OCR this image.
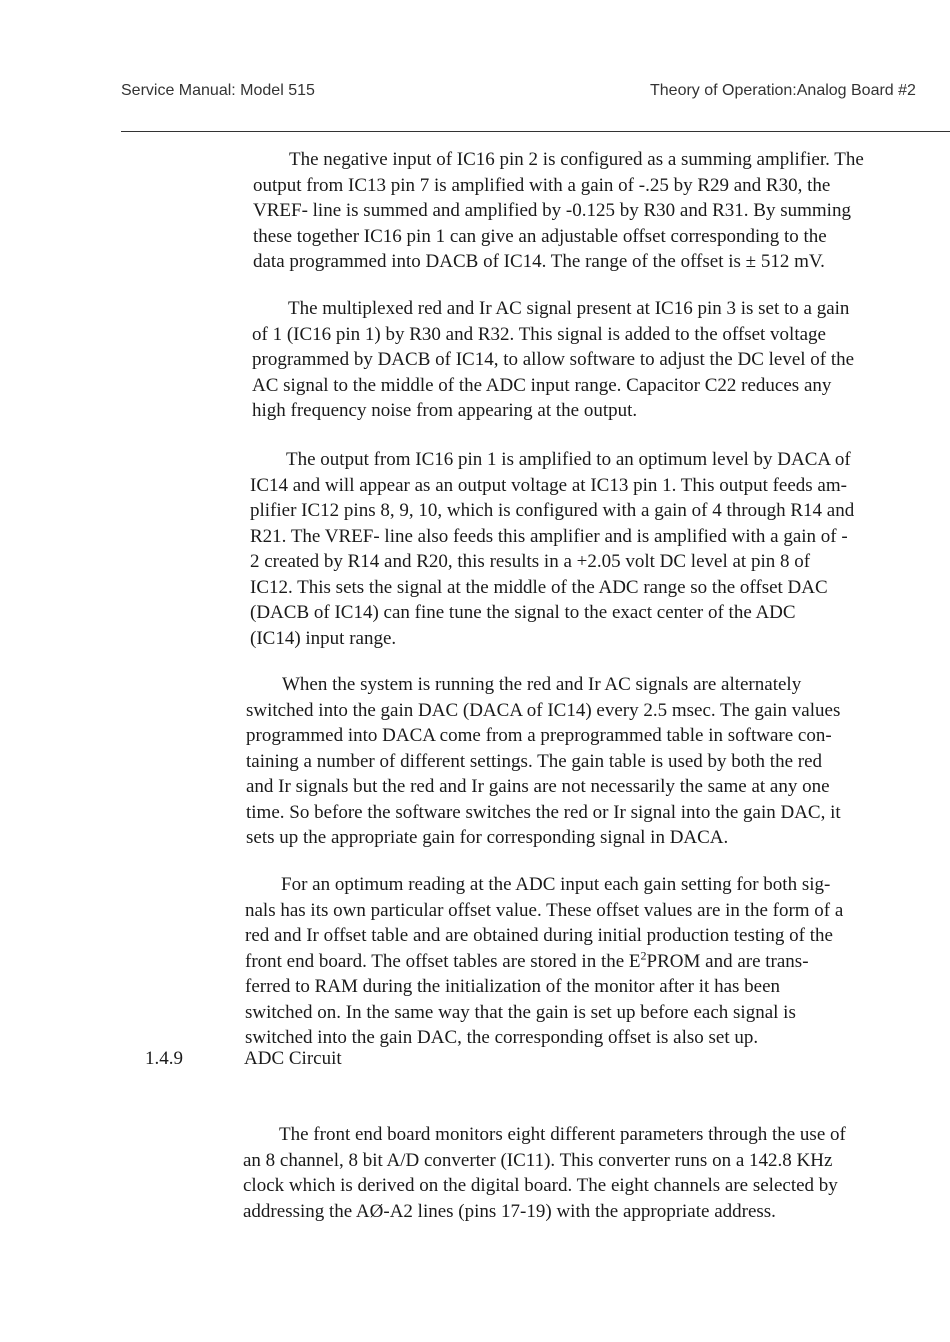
Service Manual: Model 515	Theory of Operation:Analog Board #2
The negative input of IC16 pin 2 is configured as a summing amplifier. The
output from IC13 pin 7 is amplified with a gain of -.25 by R29 and R30, the
VREF- line is summed and amplified by -0.125 by R30 and R31. By summing
these together IC16 pin 1 can give an adjustable offset corresponding to the
data programmed into DACB of IC14. The range of the offset is ± 512 mV.
The multiplexed red and Ir AC signal present at IC16 pin 3 is set to a gain
of 1 (IC16 pin 1) by R30 and R32. This signal is added to the offset voltage
programmed by DACB of IC14, to allow software to adjust the DC level of the
AC signal to the middle of the ADC input range. Capacitor C22 reduces any
high frequency noise from appearing at the output.
The output from IC16 pin 1 is amplified to an optimum level by DACA of
IC14 and will appear as an output voltage at IC13 pin 1. This output feeds am-
plifier IC12 pins 8, 9, 10, which is configured with a gain of 4 through R14 and
R21. The VREF- line also feeds this amplifier and is amplified with a gain of -
2 created by R14 and R20, this results in a +2.05 volt DC level at pin 8 of
IC12. This sets the signal at the middle of the ADC range so the offset DAC
(DACB of IC14) can fine tune the signal to the exact center of the ADC
(IC14) input range.
When the system is running the red and Ir AC signals are alternately
switched into the gain DAC (DACA of IC14) every 2.5 msec. The gain values
programmed into DACA come from a preprogrammed table in software con-
taining a number of different settings. The gain table is used by both the red
and Ir signals but the red and Ir gains are not necessarily the same at any one
time. So before the software switches the red or Ir signal into the gain DAC, it
sets up the appropriate gain for corresponding signal in DACA.
For an optimum reading at the ADC input each gain setting for both sig-
nals has its own particular offset value. These offset values are in the form of a
red and Ir offset table and are obtained during initial production testing of the
front end board. The offset tables are stored in the $E^2PROM$ and are trans-
ferred to RAM during the initialization of the monitor after it has been
switched on. In the same way that the gain is set up before each signal is
switched into the gain DAC, the corresponding offset is also set up.
1.4.9	ADC Circuit
The front end board monitors eight different parameters through the use of
an 8 channel, 8 bit A/D converter (IC11). This converter runs on a 142.8 KHz
clock which is derived on the digital board. The eight channels are selected by
addressing the AØ-A2 lines (pins 17-19) with the appropriate address.
